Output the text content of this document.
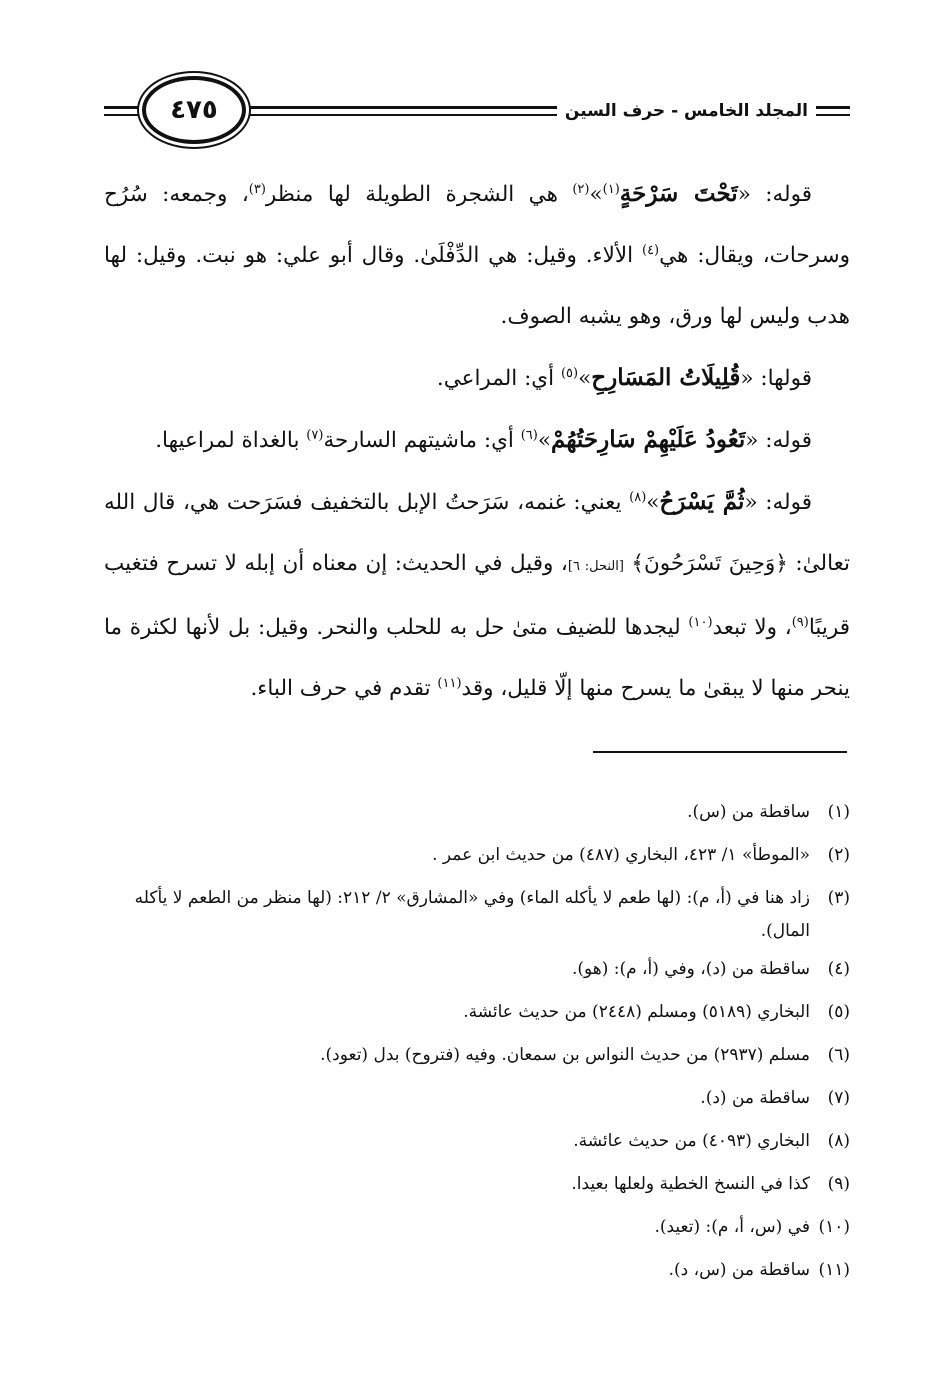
المجلد الخامس - حرف السين
٤٧٥

قوله: «تَحْتَ سَرْحَةٍ$^{(١)}$»$^{(٢)}$ هي الشجرة الطويلة لها منظر$^{(٣)}$، وجمعه: سُرُح وسرحات، ويقال: هي$^{(٤)}$ الألاء. وقيل: هي الدِّفْلَىٰ. وقال أبو علي: هو نبت. وقيل: لها هدب وليس لها ورق، وهو يشبه الصوف.

قولها: «قُلِيلَاتُ المَسَارِحِ»$^{(٥)}$ أي: المراعي.

قوله: «تَعُودُ عَلَيْهِمْ سَارِحَتُهُمْ»$^{(٦)}$ أي: ماشيتهم السارحة$^{(٧)}$ بالغداة لمراعيها.

قوله: «ثُمَّ يَسْرَحُ»$^{(٨)}$ يعني: غنمه، سَرَحتُ الإبل بالتخفيف فسَرَحت هي، قال الله تعالىٰ: ﴿وَحِينَ تَسْرَحُونَ﴾ [النحل: ٦]، وقيل في الحديث: إن معناه أن إبله لا تسرح فتغيب قريبًا$^{(٩)}$، ولا تبعد$^{(١٠)}$ ليجدها للضيف متىٰ حل به للحلب والنحر. وقيل: بل لأنها لكثرة ما ينحر منها لا يبقىٰ ما يسرح منها إلّا قليل، وقد$^{(١١)}$ تقدم في حرف الباء.

(١)
ساقطة من (س).
(٢)
«الموطأ» ١/ ٤٢٣، البخاري (٤٨٧) من حديث ابن عمر .
(٣)
زاد هنا في (أ، م): (لها طعم لا يأكله الماء) وفي «المشارق» ٢/ ٢١٢: (لها منظر من الطعم لا يأكله المال).
(٤)
ساقطة من (د)، وفي (أ، م): (هو).
(٥)
البخاري (٥١٨٩) ومسلم (٢٤٤٨) من حديث عائشة.
(٦)
مسلم (٢٩٣٧) من حديث النواس بن سمعان. وفيه (فتروح) بدل (تعود).
(٧)
ساقطة من (د).
(٨)
البخاري (٤٠٩٣) من حديث عائشة.
(٩)
كذا في النسخ الخطية ولعلها بعيدا.
(١٠)
في (س، أ، م): (تعيد).
(١١)
ساقطة من (س، د).
